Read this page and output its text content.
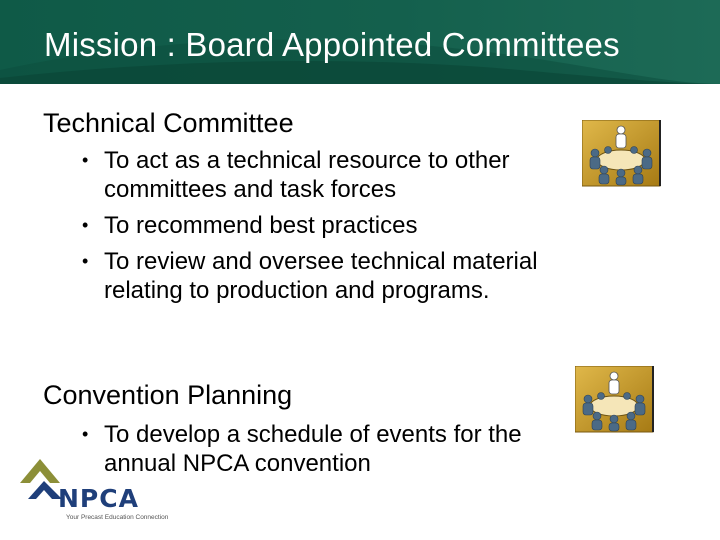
Mission : Board Appointed Committees
Technical Committee
• To act as a technical resource to other committees and task forces
• To recommend best practices
• To review and oversee technical material relating to production and programs.
Convention Planning
• To develop a schedule of events for the annual NPCA convention
NPCA
Your Precast Education Connection
